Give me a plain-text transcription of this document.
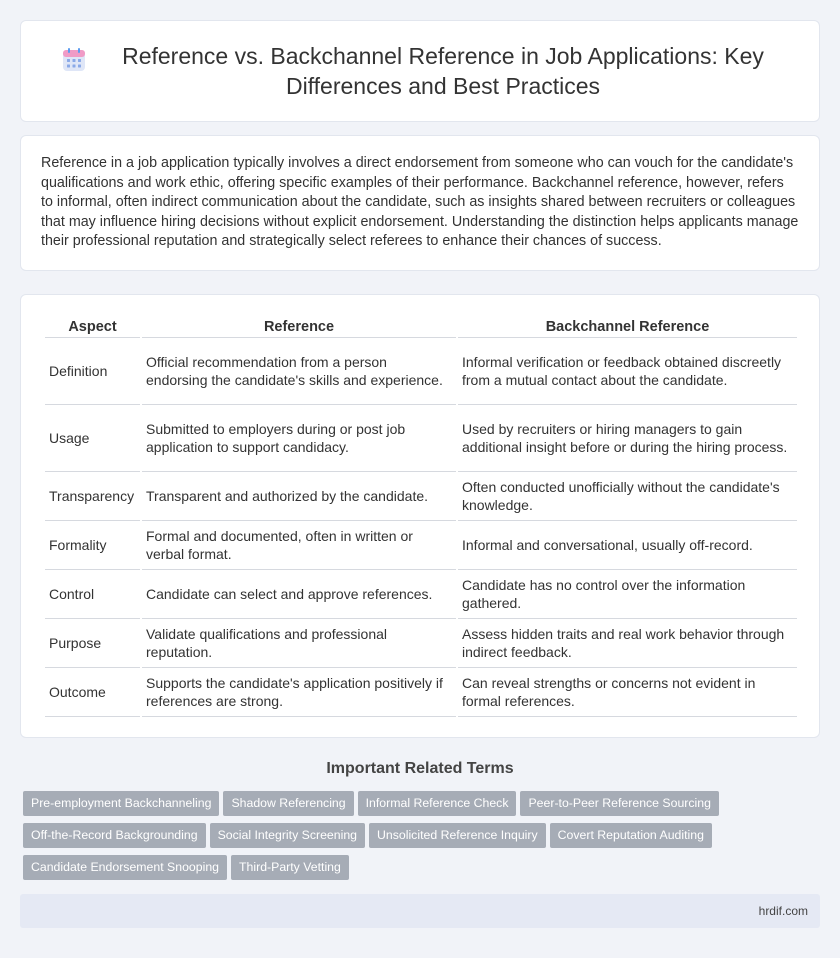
Reference vs. Backchannel Reference in Job Applications: Key Differences and Best Practices

Reference in a job application typically involves a direct endorsement from someone who can vouch for the candidate's qualifications and work ethic, offering specific examples of their performance. Backchannel reference, however, refers to informal, often indirect communication about the candidate, such as insights shared between recruiters or colleagues that may influence hiring decisions without explicit endorsement. Understanding the distinction helps applicants manage their professional reputation and strategically select referees to enhance their chances of success.

Aspect	Reference	Backchannel Reference
Definition	Official recommendation from a person endorsing the candidate's skills and experience.	Informal verification or feedback obtained discreetly from a mutual contact about the candidate.
Usage	Submitted to employers during or post job application to support candidacy.	Used by recruiters or hiring managers to gain additional insight before or during the hiring process.
Transparency	Transparent and authorized by the candidate.	Often conducted unofficially without the candidate's knowledge.
Formality	Formal and documented, often in written or verbal format.	Informal and conversational, usually off-record.
Control	Candidate can select and approve references.	Candidate has no control over the information gathered.
Purpose	Validate qualifications and professional reputation.	Assess hidden traits and real work behavior through indirect feedback.
Outcome	Supports the candidate's application positively if references are strong.	Can reveal strengths or concerns not evident in formal references.
Important Related Terms
Pre-employment Backchanneling	Shadow Referencing	Informal Reference Check	Peer-to-Peer Reference Sourcing
Off-the-Record Backgrounding	Social Integrity Screening	Unsolicited Reference Inquiry	Covert Reputation Auditing
Candidate Endorsement Snooping	Third-Party Vetting
hrdif.com
